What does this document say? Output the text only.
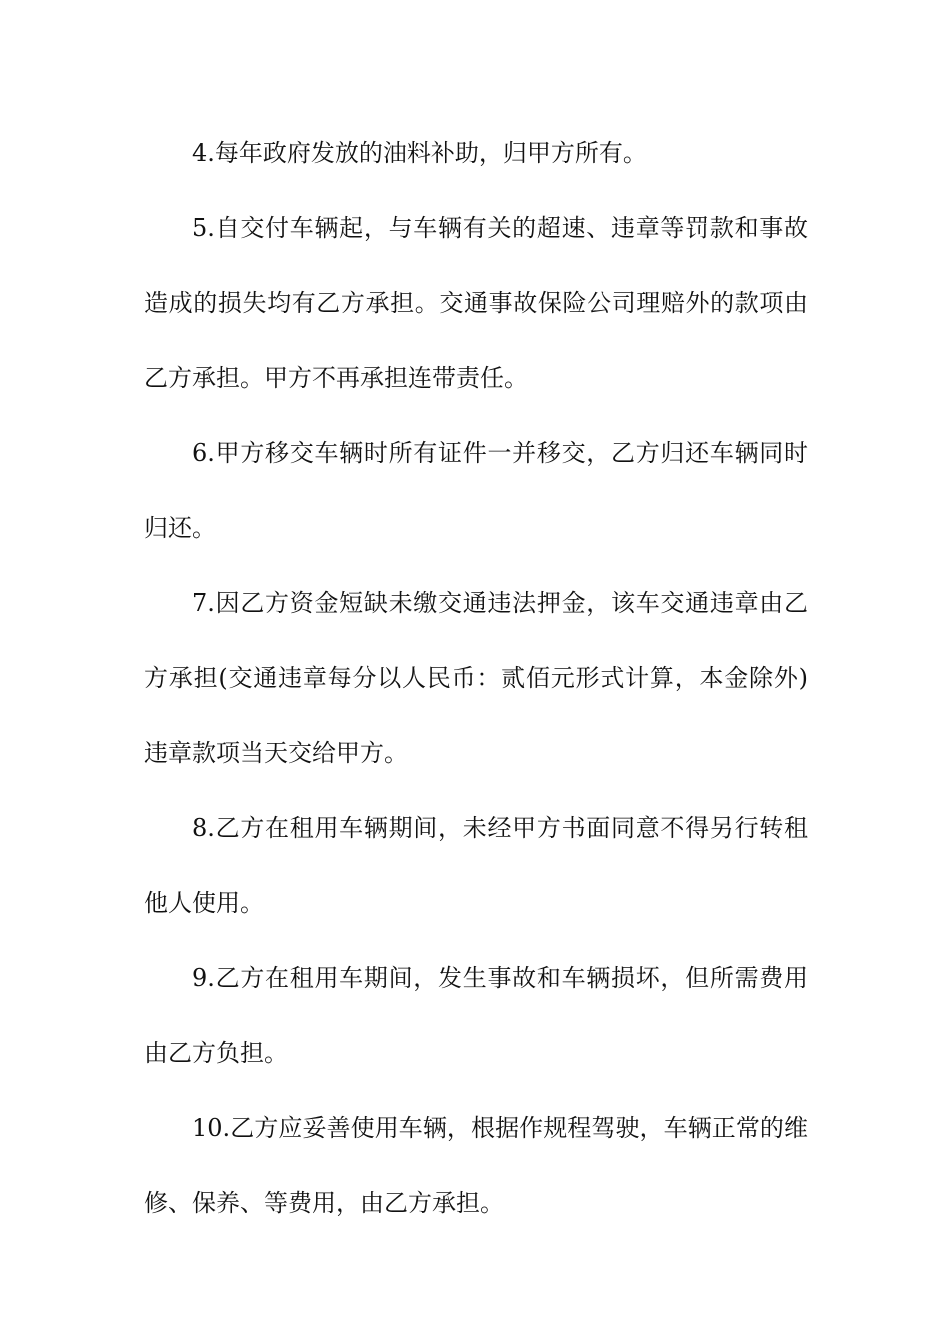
4.每年政府发放的油料补助，归甲方所有。
5.自交付车辆起，与车辆有关的超速、违章等罚款和事故
造成的损失均有乙方承担。交通事故保险公司理赔外的款项由
乙方承担。甲方不再承担连带责任。
6.甲方移交车辆时所有证件一并移交，乙方归还车辆同时
归还。
7.因乙方资金短缺未缴交通违法押金，该车交通违章由乙
方承担(交通违章每分以人民币：贰佰元形式计算，本金除外)
违章款项当天交给甲方。
8.乙方在租用车辆期间，未经甲方书面同意不得另行转租
他人使用。
9.乙方在租用车期间，发生事故和车辆损坏，但所需费用
由乙方负担。
10.乙方应妥善使用车辆，根据作规程驾驶，车辆正常的维
修、保养、等费用，由乙方承担。
